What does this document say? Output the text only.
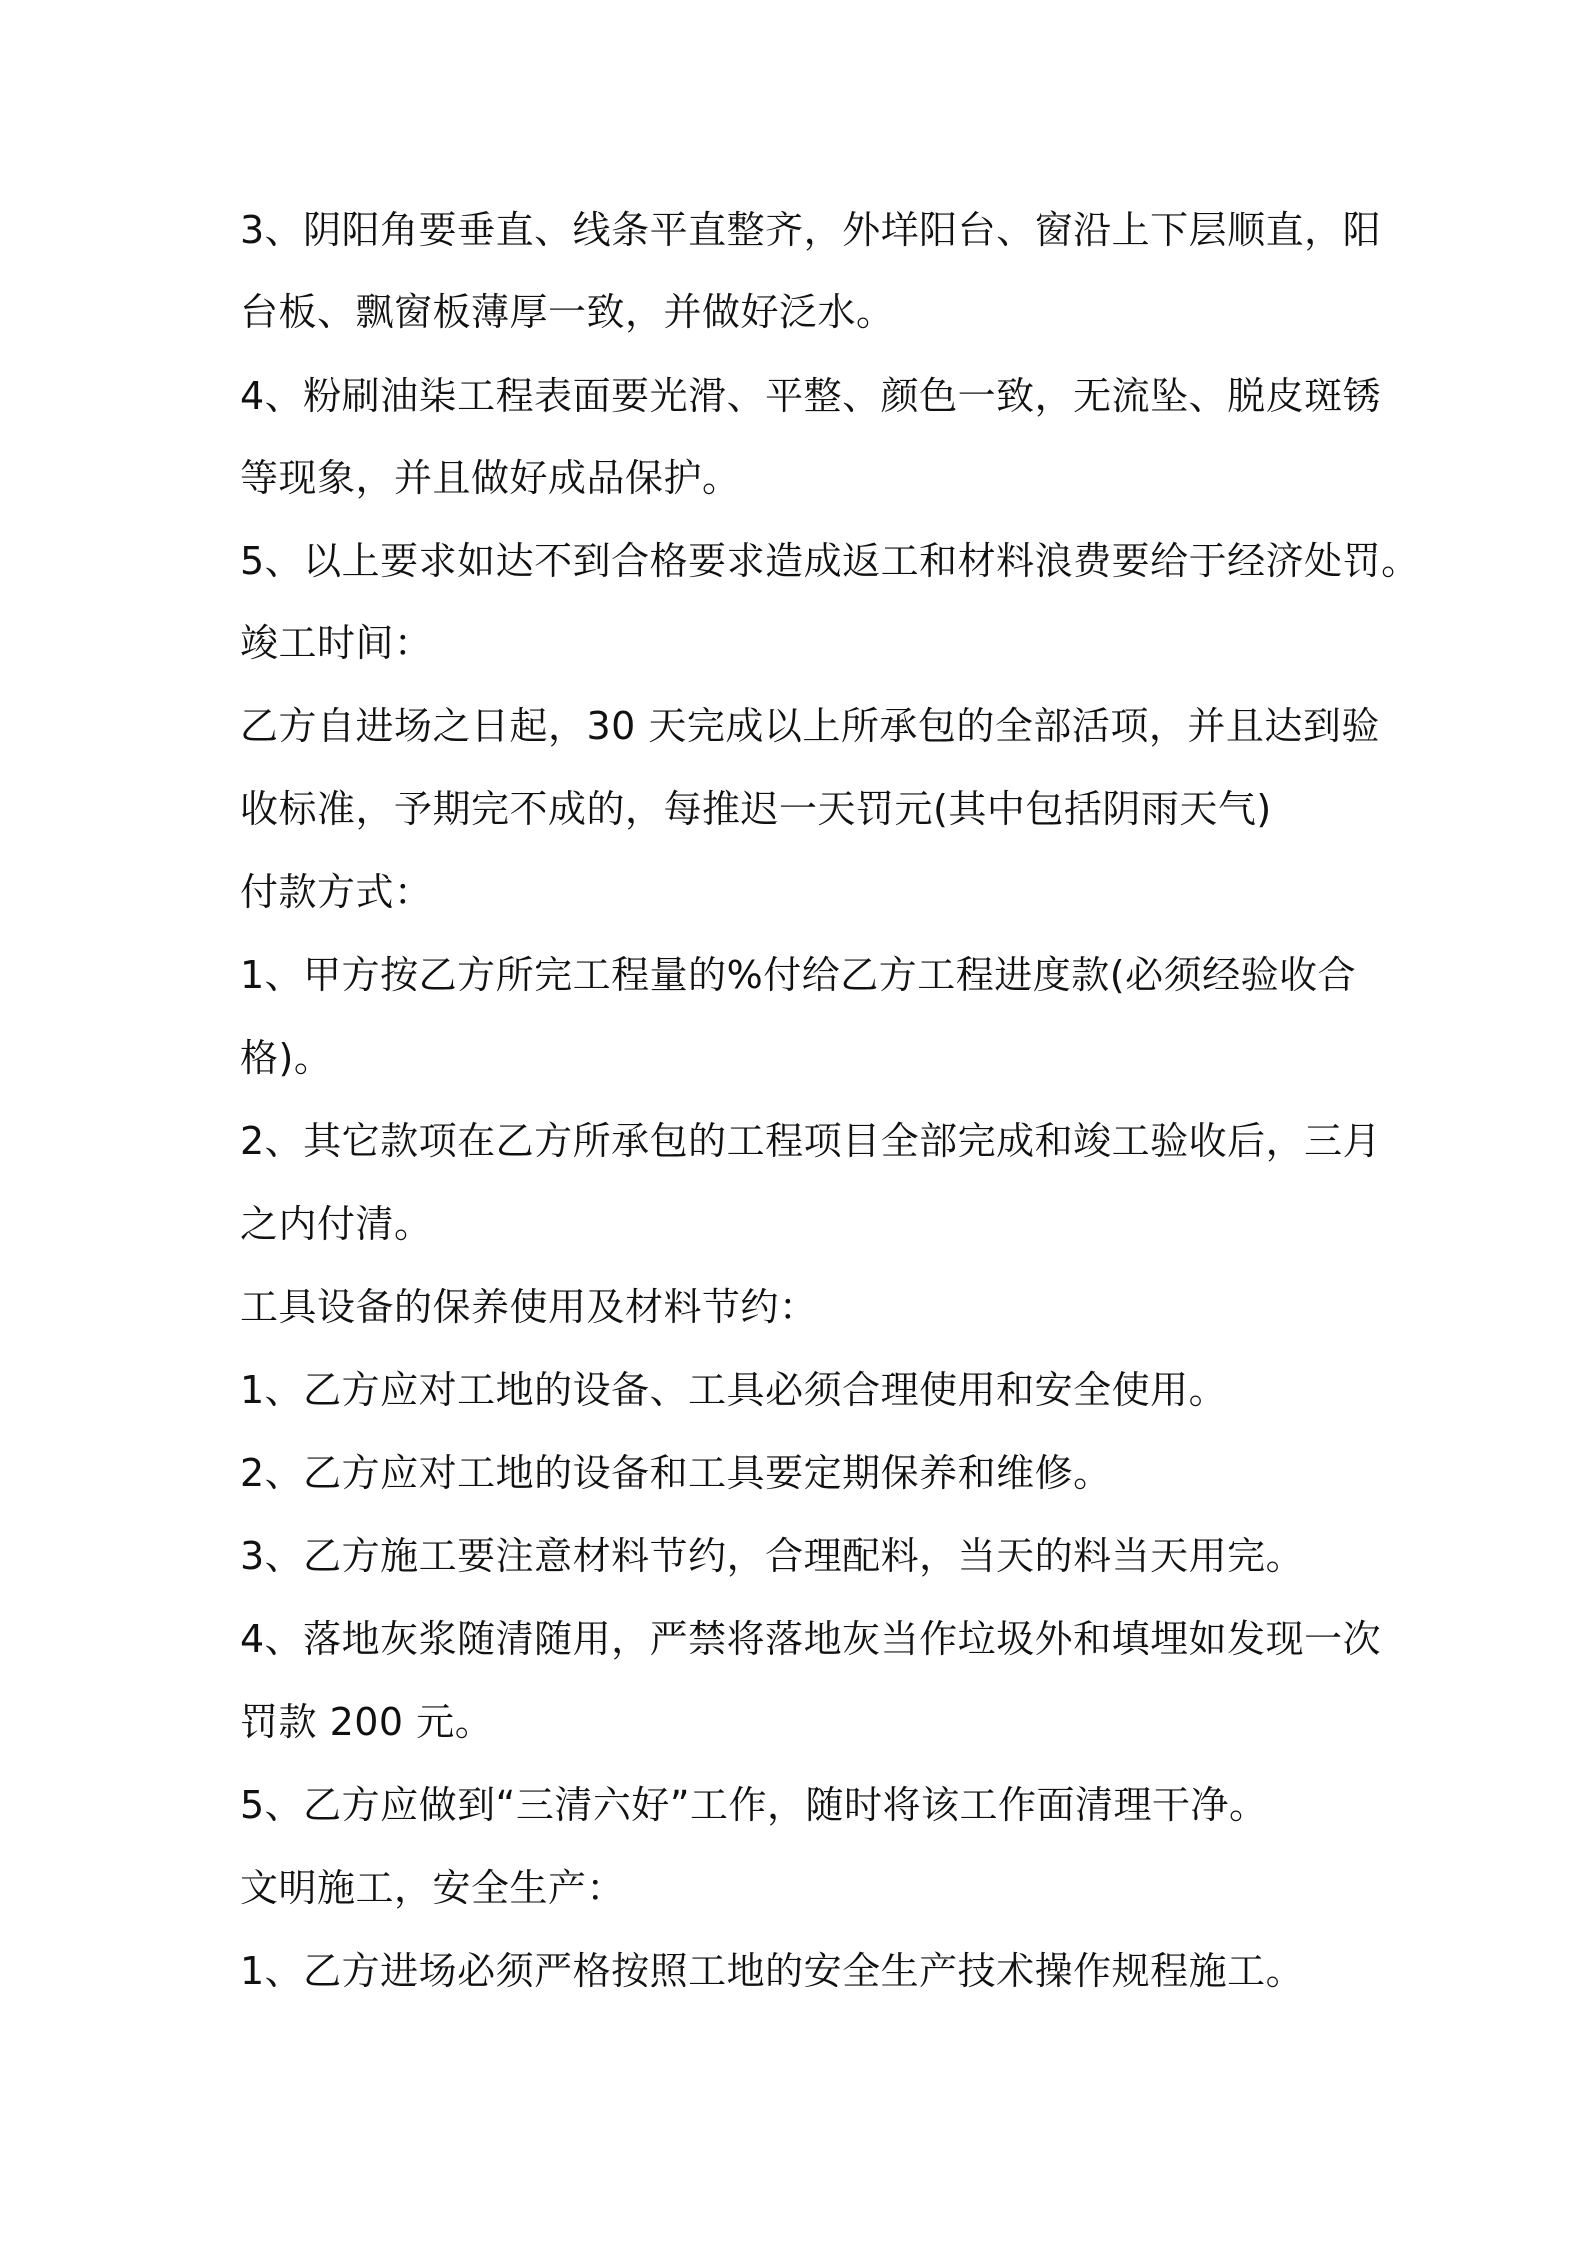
3、阴阳角要垂直、线条平直整齐，外垟阳台、窗沿上下层顺直，阳
台板、飘窗板薄厚一致，并做好泛水。
4、粉刷油柒工程表面要光滑、平整、颜色一致，无流坠、脱皮斑锈
等现象，并且做好成品保护。
5、以上要求如达不到合格要求造成返工和材料浪费要给于经济处罚。
竣工时间：
乙方自进场之日起，30 天完成以上所承包的全部活项，并且达到验
收标准，予期完不成的，每推迟一天罚元(其中包括阴雨天气)
付款方式：
1、甲方按乙方所完工程量的%付给乙方工程进度款(必须经验收合
格)。
2、其它款项在乙方所承包的工程项目全部完成和竣工验收后，三月
之内付清。
工具设备的保养使用及材料节约：
1、乙方应对工地的设备、工具必须合理使用和安全使用。
2、乙方应对工地的设备和工具要定期保养和维修。
3、乙方施工要注意材料节约，合理配料，当天的料当天用完。
4、落地灰浆随清随用，严禁将落地灰当作垃圾外和填埋如发现一次
罚款 200 元。
5、乙方应做到“三清六好”工作，随时将该工作面清理干净。
文明施工，安全生产：
1、乙方进场必须严格按照工地的安全生产技术操作规程施工。
